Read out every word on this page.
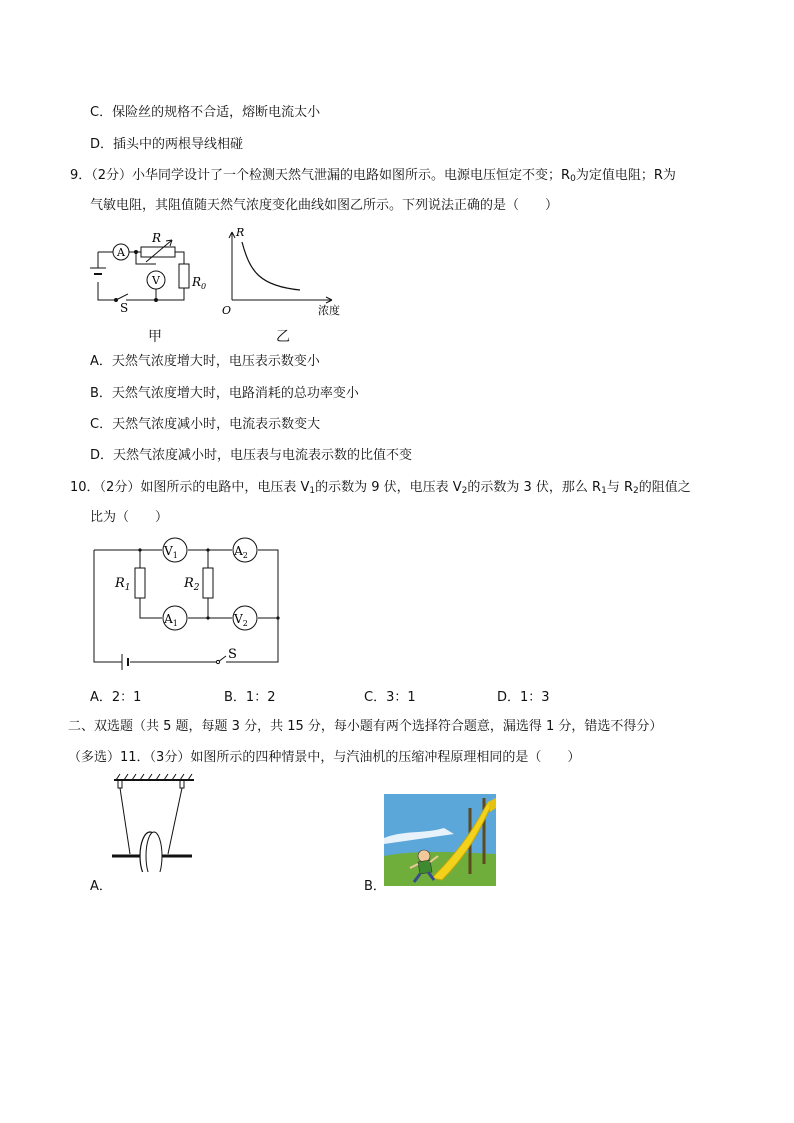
C．保险丝的规格不合适，熔断电流太小
D．插头中的两根导线相碰
9．（2分）小华同学设计了一个检测天然气泄漏的电路如图所示。电源电压恒定不变；$R_0$为定值电阻；R为
气敏电阻，其阻值随天然气浓度变化曲线如图乙所示。下列说法正确的是（　　）
A
V
R
$R_0$
S
甲
R
O	浓度
乙
A．天然气浓度增大时，电压表示数变小
B．天然气浓度增大时，电路消耗的总功率变小
C．天然气浓度减小时，电流表示数变大
D．天然气浓度减小时，电压表与电流表示数的比值不变
10．（2分）如图所示的电路中，电压表 $V_1$的示数为 9 伏，电压表 $V_2$的示数为 3 伏，那么 $R_1$与 $R_2$的阻值之
比为（　　）
$V_1$	$A_2$
$A_1$	$V_2$
$R_1$	$R_2$
S
A．2：1	B．1：2	C．3：1	D．1：3
二、双选题（共 5 题，每题 3 分，共 15 分，每小题有两个选择符合题意，漏选得 1 分，错选不得分）
（多选）11．（3分）如图所示的四种情景中，与汽油机的压缩冲程原理相同的是（　　）
A．	B．
